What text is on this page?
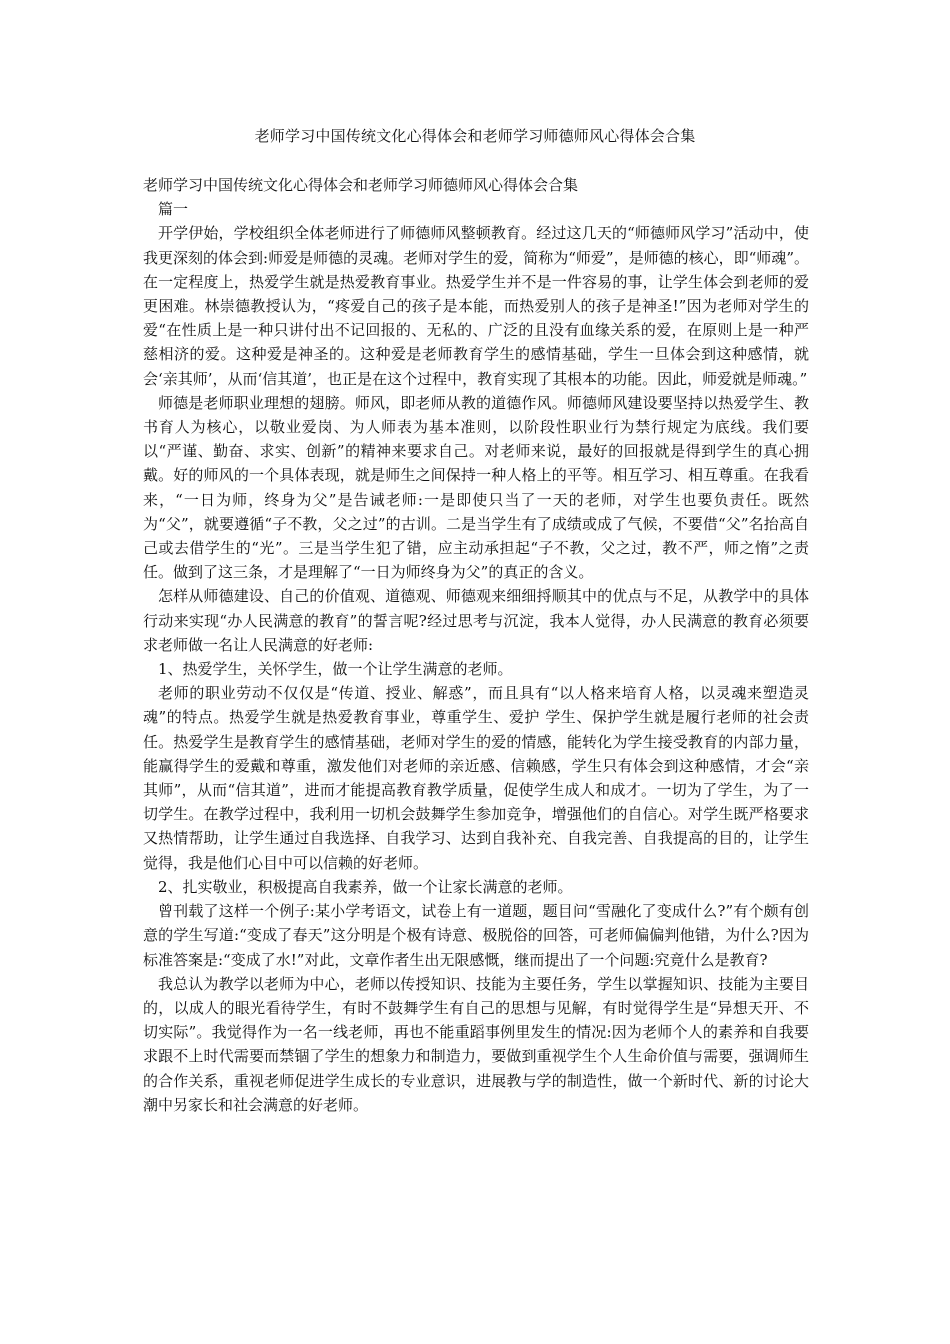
老师学习中国传统文化心得体会和老师学习师德师风心得体会合集

老师学习中国传统文化心得体会和老师学习师德师风心得体会合集

篇一

开学伊始，学校组织全体老师进行了师德师风整顿教育。经过这几天的“师德师风学习”活动中，使我更深刻的体会到:师爱是师德的灵魂。老师对学生的爱，简称为“师爱”，是师德的核心，即“师魂”。在一定程度上，热爱学生就是热爱教育事业。热爱学生并不是一件容易的事，让学生体会到老师的爱更困难。林崇德教授认为，“疼爱自己的孩子是本能，而热爱别人的孩子是神圣!”因为老师对学生的爱“在性质上是一种只讲付出不记回报的、无私的、广泛的且没有血缘关系的爱，在原则上是一种严慈相济的爱。这种爱是神圣的。这种爱是老师教育学生的感情基础，学生一旦体会到这种感情，就会‘亲其师’，从而‘信其道’，也正是在这个过程中，教育实现了其根本的功能。因此，师爱就是师魂。”

师德是老师职业理想的翅膀。师风，即老师从教的道德作风。师德师风建设要坚持以热爱学生、教书育人为核心，以敬业爱岗、为人师表为基本准则，以阶段性职业行为禁行规定为底线。我们要以“严谨、勤奋、求实、创新”的精神来要求自己。对老师来说，最好的回报就是得到学生的真心拥戴。好的师风的一个具体表现，就是师生之间保持一种人格上的平等。相互学习、相互尊重。在我看来，“一日为师，终身为父”是告诫老师:一是即使只当了一天的老师，对学生也要负责任。既然为“父”，就要遵循“子不教，父之过”的古训。二是当学生有了成绩或成了气候，不要借“父”名抬高自己或去借学生的“光”。三是当学生犯了错，应主动承担起“子不教，父之过，教不严，师之惰”之责任。做到了这三条，才是理解了“一日为师终身为父”的真正的含义。

怎样从师德建设、自己的价值观、道德观、师德观来细细捋顺其中的优点与不足，从教学中的具体行动来实现“办人民满意的教育”的誓言呢?经过思考与沉淀，我本人觉得，办人民满意的教育必须要求老师做一名让人民满意的好老师:

1、热爱学生，关怀学生，做一个让学生满意的老师。

老师的职业劳动不仅仅是“传道、授业、解惑”，而且具有“以人格来培育人格，以灵魂来塑造灵魂”的特点。热爱学生就是热爱教育事业，尊重学生、爱护 学生、保护学生就是履行老师的社会责任。热爱学生是教育学生的感情基础，老师对学生的爱的情感，能转化为学生接受教育的内部力量，能赢得学生的爱戴和尊重，激发他们对老师的亲近感、信赖感，学生只有体会到这种感情，才会“亲其师”，从而“信其道”，进而才能提高教育教学质量，促使学生成人和成才。一切为了学生，为了一切学生。在教学过程中，我利用一切机会鼓舞学生参加竞争，增强他们的自信心。对学生既严格要求又热情帮助，让学生通过自我选择、自我学习、达到自我补充、自我完善、自我提高的目的，让学生觉得，我是他们心目中可以信赖的好老师。

2、扎实敬业，积极提高自我素养，做一个让家长满意的老师。

曾刊载了这样一个例子:某小学考语文，试卷上有一道题，题目问“雪融化了变成什么?”有个颇有创意的学生写道:“变成了春天”这分明是个极有诗意、极脱俗的回答，可老师偏偏判他错，为什么?因为标准答案是:“变成了水!”对此，文章作者生出无限感慨，继而提出了一个问题:究竟什么是教育?

我总认为教学以老师为中心，老师以传授知识、技能为主要任务，学生以掌握知识、技能为主要目的，以成人的眼光看待学生，有时不鼓舞学生有自己的思想与见解，有时觉得学生是“异想天开、不切实际”。我觉得作为一名一线老师，再也不能重蹈事例里发生的情况:因为老师个人的素养和自我要求跟不上时代需要而禁锢了学生的想象力和制造力，要做到重视学生个人生命价值与需要，强调师生的合作关系，重视老师促进学生成长的专业意识，进展教与学的制造性，做一个新时代、新的讨论大潮中另家长和社会满意的好老师。
